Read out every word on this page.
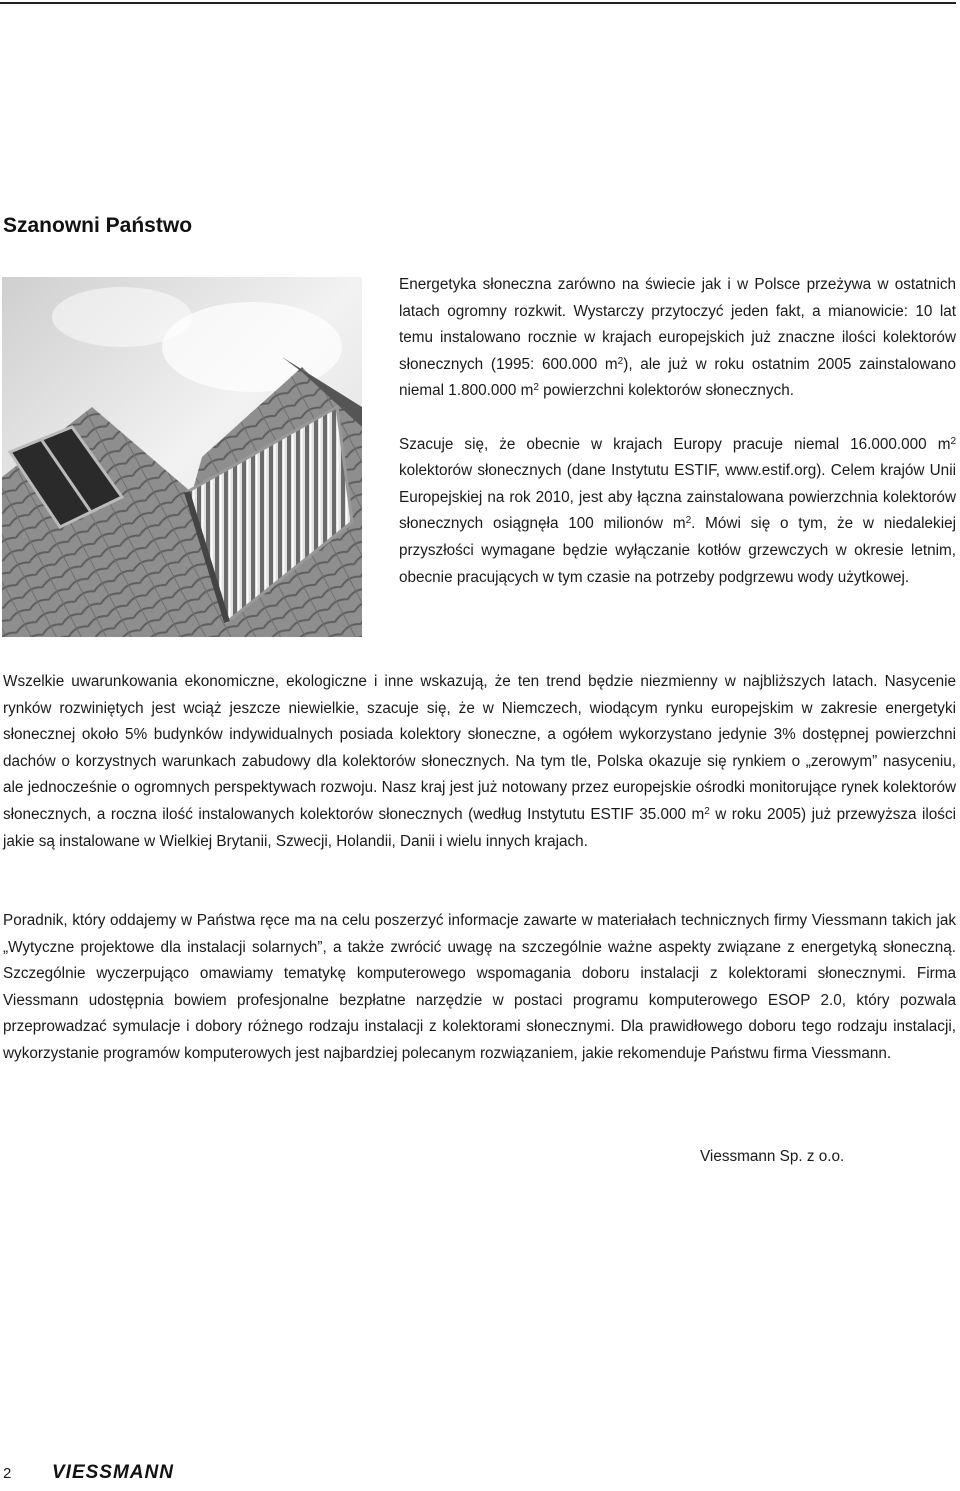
Szanowni Państwo

Energetyka słoneczna zarówno na świecie jak i w Polsce przeżywa w ostatnich latach ogromny rozkwit. Wystarczy przytoczyć jeden fakt, a mianowicie: 10 lat temu instalowano rocznie w krajach europejskich już znaczne ilości kolektorów słonecznych (1995: 600.000 $m^2$), ale już w roku ostatnim 2005 zainstalowano niemal 1.800.000 $m^2$ powierzchni kolektorów słonecznych.

Szacuje się, że obecnie w krajach Europy pracuje niemal 16.000.000 $m^2$ kolektorów słonecznych (dane Instytutu ESTIF, www.estif.org). Celem krajów Unii Europejskiej na rok 2010, jest aby łączna zainstalowana powierzchnia kolektorów słonecznych osiągnęła 100 milionów $m^2$. Mówi się o tym, że w niedalekiej przyszłości wymagane będzie wyłączanie kotłów grzewczych w okresie letnim, obecnie pracujących w tym czasie na potrzeby podgrzewu wody użytkowej.

Wszelkie uwarunkowania ekonomiczne, ekologiczne i inne wskazują, że ten trend będzie niezmienny w najbliższych latach. Nasycenie rynków rozwiniętych jest wciąż jeszcze niewielkie, szacuje się, że w Niemczech, wiodącym rynku europejskim w zakresie energetyki słonecznej około 5% budynków indywidualnych posiada kolektory słoneczne, a ogółem wykorzystano jedynie 3% dostępnej powierzchni dachów o korzystnych warunkach zabudowy dla kolektorów słonecznych. Na tym tle, Polska okazuje się rynkiem o „zerowym” nasyceniu, ale jednocześnie o ogromnych perspektywach rozwoju. Nasz kraj jest już notowany przez europejskie ośrodki monitorujące rynek kolektorów słonecznych, a roczna ilość instalowanych kolektorów słonecznych (według Instytutu ESTIF 35.000 $m^2$ w roku 2005) już przewyższa ilości jakie są instalowane w Wielkiej Brytanii, Szwecji, Holandii, Danii i wielu innych krajach.

Poradnik, który oddajemy w Państwa ręce ma na celu poszerzyć informacje zawarte w materiałach technicznych firmy Viessmann takich jak „Wytyczne projektowe dla instalacji solarnych”, a także zwrócić uwagę na szczególnie ważne aspekty związane z energetyką słoneczną. Szczególnie wyczerpująco omawiamy tematykę komputerowego wspomagania doboru instalacji z kolektorami słonecznymi. Firma Viessmann udostępnia bowiem profesjonalne bezpłatne narzędzie w postaci programu komputerowego ESOP 2.0, który pozwala przeprowadzać symulacje i dobory różnego rodzaju instalacji z kolektorami słonecznymi. Dla prawidłowego doboru tego rodzaju instalacji, wykorzystanie programów komputerowych jest najbardziej polecanym rozwiązaniem, jakie rekomenduje Państwu firma Viessmann.

Viessmann Sp. z o.o.
2 VIESSMANN
